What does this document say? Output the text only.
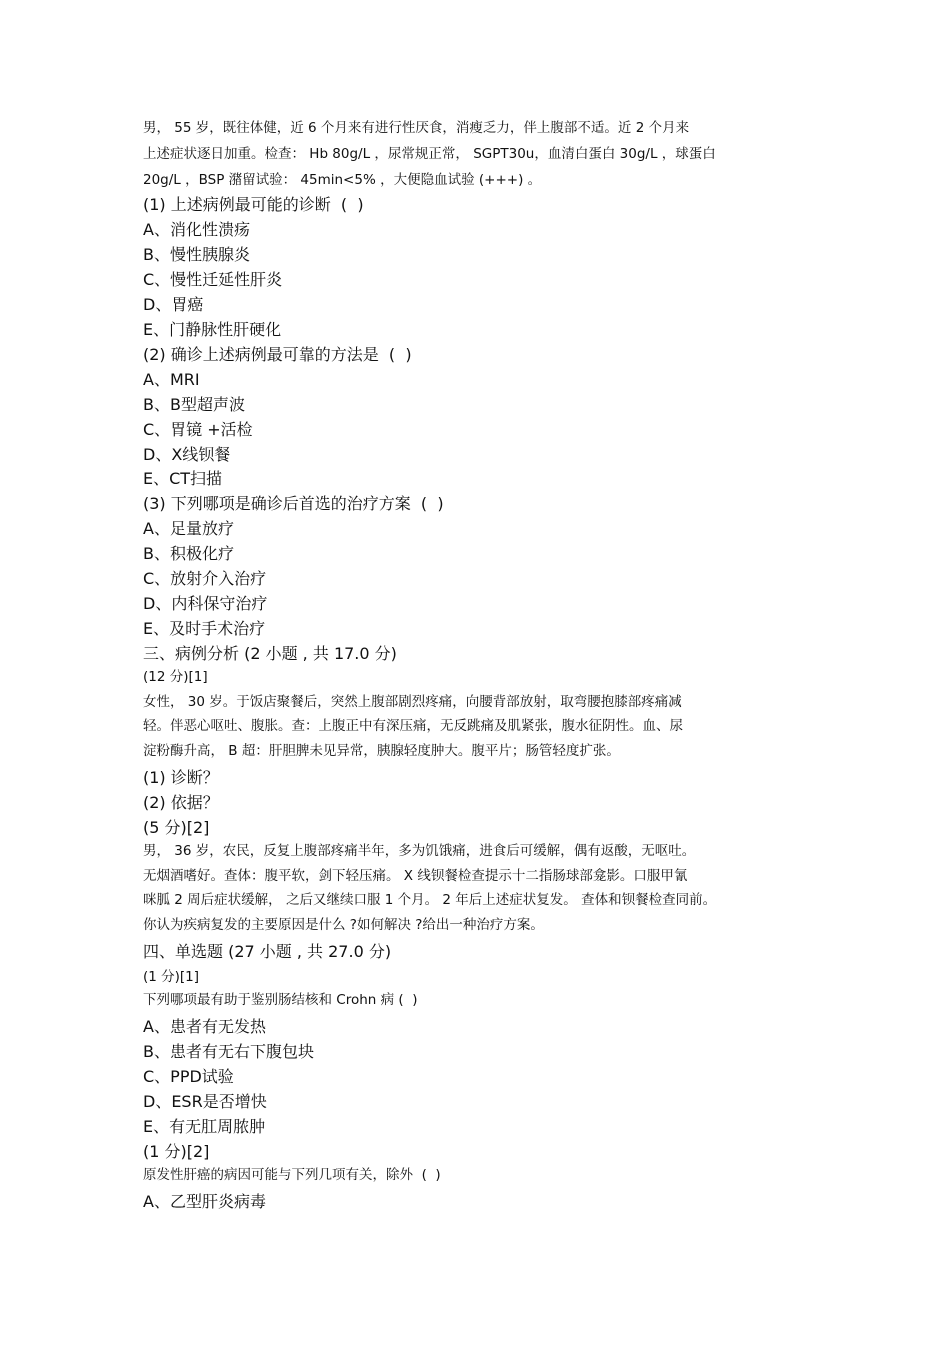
男， 55 岁，既往体健，近 6 个月来有进行性厌食，消瘦乏力，伴上腹部不适。近 2 个月来
上述症状逐日加重。检查： Hb 80g/L ，尿常规正常， SGPT30u，血清白蛋白 30g/L ，球蛋白
20g/L ，BSP 潴留试验： 45min<5% ，大便隐血试验 (+++) 。
(1) 上述病例最可能的诊断  (  )
A、消化性溃疡
B、慢性胰腺炎
C、慢性迁延性肝炎
D、胃癌
E、门静脉性肝硬化
(2) 确诊上述病例最可靠的方法是  (  )
A、MRI
B、B型超声波
C、胃镜 +活检
D、X线钡餐
E、CT扫描
(3) 下列哪项是确诊后首选的治疗方案  (  )
A、足量放疗
B、积极化疗
C、放射介入治疗
D、内科保守治疗
E、及时手术治疗
三、病例分析 (2 小题 , 共 17.0 分)
(12 分)[1]
女性， 30 岁。于饭店聚餐后，突然上腹部剧烈疼痛，向腰背部放射，取弯腰抱膝部疼痛减
轻。伴恶心呕吐、腹胀。查：上腹正中有深压痛，无反跳痛及肌紧张，腹水征阴性。血、尿
淀粉酶升高， B 超：肝胆脾未见异常，胰腺轻度肿大。腹平片；肠管轻度扩张。
(1) 诊断？
(2) 依据？
(5 分)[2]
男， 36 岁，农民，反复上腹部疼痛半年，多为饥饿痛，进食后可缓解，偶有返酸，无呕吐。
无烟酒嗜好。查体：腹平软，剑下轻压痛。 X 线钡餐检查提示十二指肠球部龛影。口服甲氰
咪胍 2 周后症状缓解， 之后又继续口服 1 个月。 2 年后上述症状复发。 查体和钡餐检查同前。
你认为疾病复发的主要原因是什么 ?如何解决 ?给出一种治疗方案。
四、单选题 (27 小题 , 共 27.0 分)
(1 分)[1]
下列哪项最有助于鉴别肠结核和 Crohn 病 (  )
A、患者有无发热
B、患者有无右下腹包块
C、PPD试验
D、ESR是否增快
E、有无肛周脓肿
(1 分)[2]
原发性肝癌的病因可能与下列几项有关，除外  (  )
A、乙型肝炎病毒
